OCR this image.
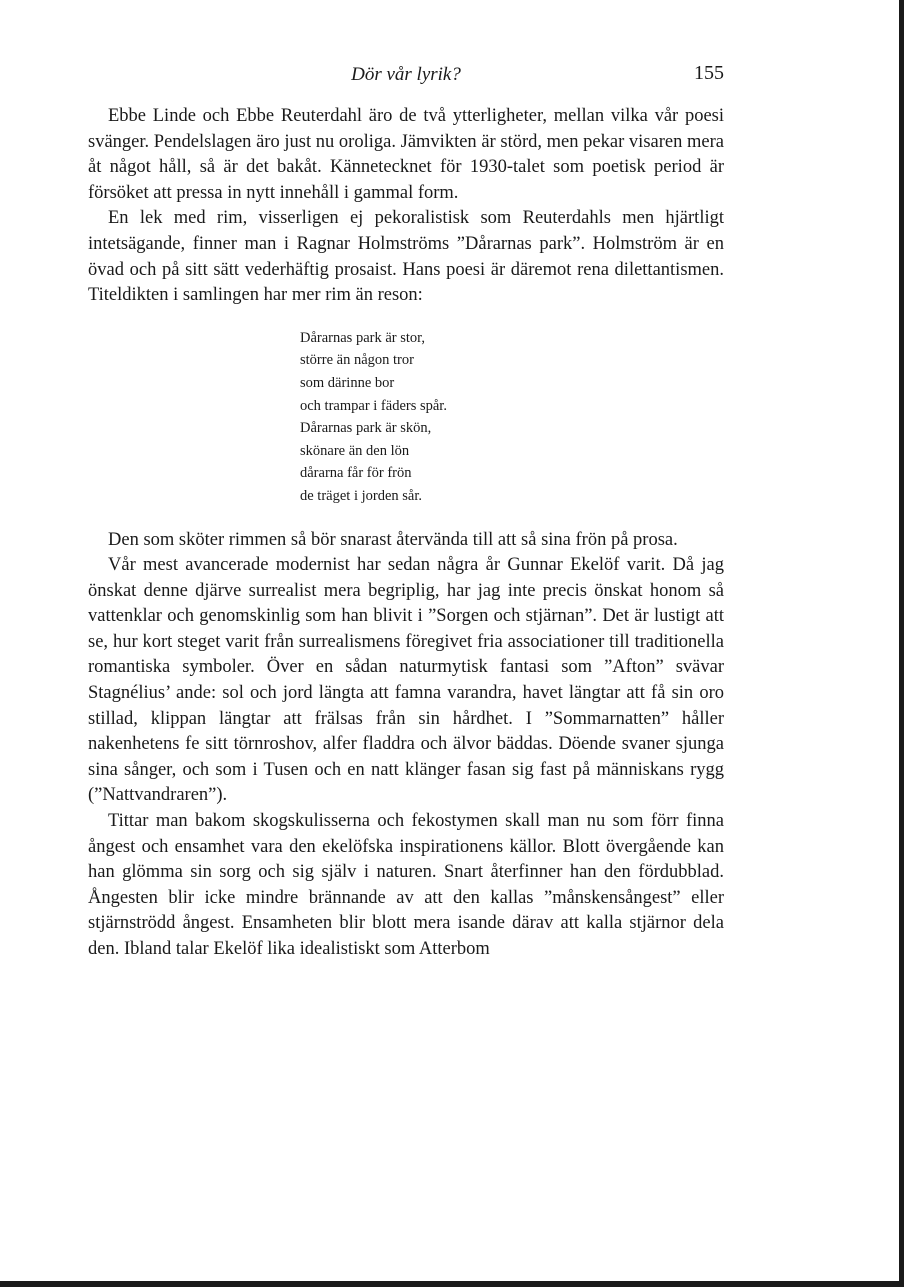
Dör vår lyrik?	155

Ebbe Linde och Ebbe Reuterdahl äro de två ytterligheter, mellan vilka vår poesi svänger. Pendelslagen äro just nu oroliga. Jämvikten är störd, men pekar visaren mera åt något håll, så är det bakåt. Kännetecknet för 1930-talet som poetisk period är försöket att pressa in nytt innehåll i gammal form.

En lek med rim, visserligen ej pekoralistisk som Reuterdahls men hjärtligt intetsägande, finner man i Ragnar Holmströms ”Dårarnas park”. Holmström är en övad och på sitt sätt vederhäftig prosaist. Hans poesi är däremot rena dilettantismen. Titeldikten i samlingen har mer rim än reson:

Dårarnas park är stor,
större än någon tror
som därinne bor
och trampar i fäders spår.
Dårarnas park är skön,
skönare än den lön
dårarna får för frön
de träget i jorden sår.

Den som sköter rimmen så bör snarast återvända till att så sina frön på prosa.

Vår mest avancerade modernist har sedan några år Gunnar Ekelöf varit. Då jag önskat denne djärve surrealist mera begriplig, har jag inte precis önskat honom så vattenklar och genomskinlig som han blivit i ”Sorgen och stjärnan”. Det är lustigt att se, hur kort steget varit från surrealismens föregivet fria associationer till traditionella romantiska symboler. Över en sådan naturmytisk fantasi som ”Afton” svävar Stagnélius’ ande: sol och jord längta att famna varandra, havet längtar att få sin oro stillad, klippan längtar att frälsas från sin hårdhet. I ”Sommarnatten” håller nakenhetens fe sitt törnroshov, alfer fladdra och älvor bäddas. Döende svaner sjunga sina sånger, och som i Tusen och en natt klänger fasan sig fast på människans rygg (”Nattvandraren”).

Tittar man bakom skogskulisserna och fekostymen skall man nu som förr finna ångest och ensamhet vara den ekelöfska inspirationens källor. Blott övergående kan han glömma sin sorg och sig själv i naturen. Snart återfinner han den fördubblad. Ångesten blir icke mindre brännande av att den kallas ”månskensångest” eller stjärnströdd ångest. Ensamheten blir blott mera isande därav att kalla stjärnor dela den. Ibland talar Ekelöf lika idealistiskt som Atterbom
